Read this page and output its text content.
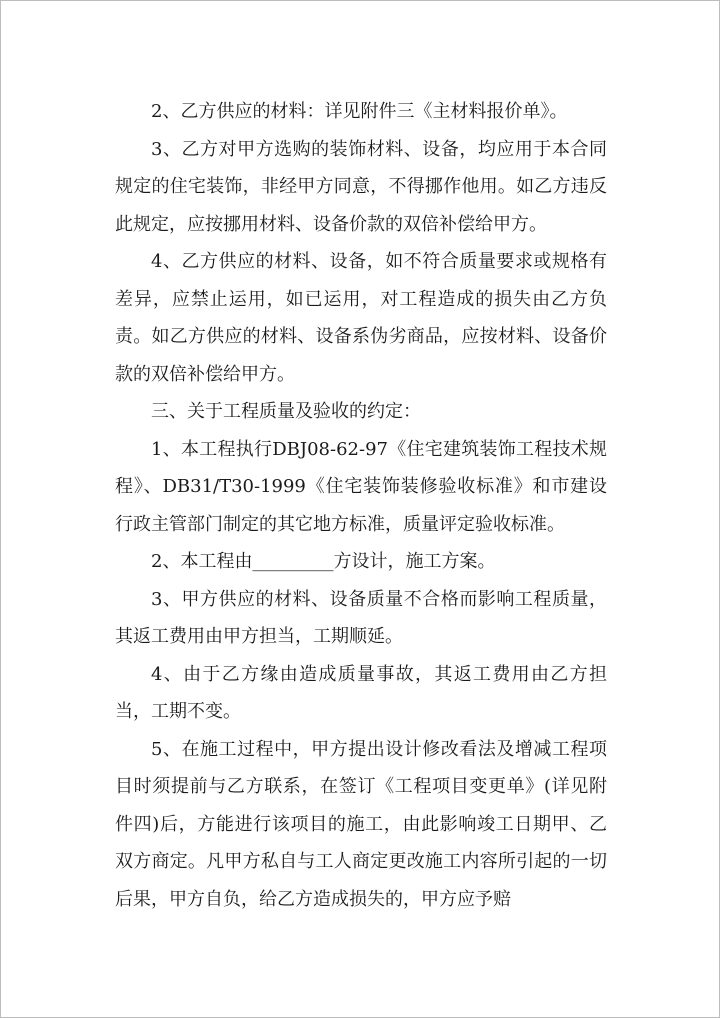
2、乙方供应的材料：详见附件三《主材料报价单》。

3、乙方对甲方选购的装饰材料、设备，均应用于本合同规定的住宅装饰，非经甲方同意，不得挪作他用。如乙方违反此规定，应按挪用材料、设备价款的双倍补偿给甲方。

4、乙方供应的材料、设备，如不符合质量要求或规格有差异，应禁止运用，如已运用，对工程造成的损失由乙方负责。如乙方供应的材料、设备系伪劣商品，应按材料、设备价款的双倍补偿给甲方。

三、关于工程质量及验收的约定：

1、本工程执行DBJ08-62-97《住宅建筑装饰工程技术规程》、DB31/T30-1999《住宅装饰装修验收标准》和市建设行政主管部门制定的其它地方标准，质量评定验收标准。

2、本工程由_________方设计，施工方案。

3、甲方供应的材料、设备质量不合格而影响工程质量，其返工费用由甲方担当，工期顺延。

4、由于乙方缘由造成质量事故，其返工费用由乙方担当，工期不变。

5、在施工过程中，甲方提出设计修改看法及增减工程项目时须提前与乙方联系，在签订《工程项目变更单》(详见附件四)后，方能进行该项目的施工，由此影响竣工日期甲、乙双方商定。凡甲方私自与工人商定更改施工内容所引起的一切后果，甲方自负，给乙方造成损失的，甲方应予赔
